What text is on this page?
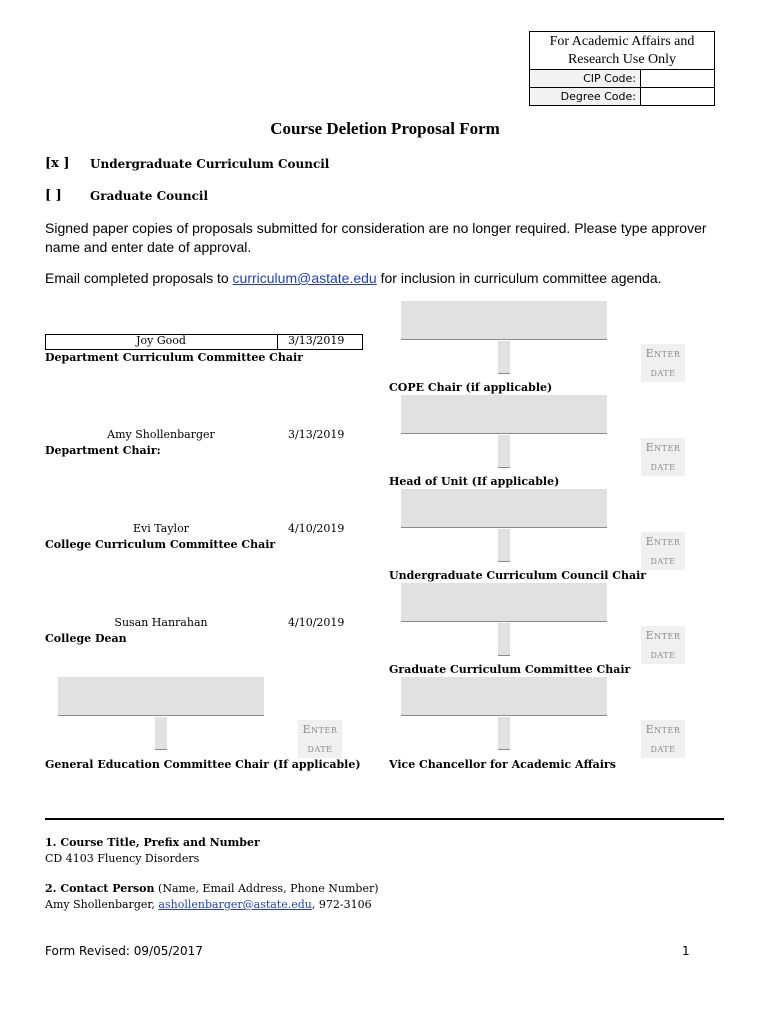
For Academic Affairs and Research Use Only
CIP Code:
Degree Code:
Course Deletion Proposal Form
[x ] Undergraduate Curriculum Council
[ ] Graduate Council
Signed paper copies of proposals submitted for consideration are no longer required. Please type approver name and enter date of approval.
Email completed proposals to curriculum@astate.edu for inclusion in curriculum committee agenda.
Joy Good	3/13/2019
Department Curriculum Committee Chair
Amy Shollenbarger	3/13/2019
Department Chair:
Evi Taylor	4/10/2019
College Curriculum Committee Chair
Susan Hanrahan	4/10/2019
College Dean
Enter
date
General Education Committee Chair (If applicable)
Enter
date
COPE Chair (if applicable)
Enter
date
Head of Unit (If applicable)
Enter
date
Undergraduate Curriculum Council Chair
Enter
date
Graduate Curriculum Committee Chair
Enter
date
Vice Chancellor for Academic Affairs
1. Course Title, Prefix and Number
CD 4103 Fluency Disorders
2. Contact Person (Name, Email Address, Phone Number)
Amy Shollenbarger, ashollenbarger@astate.edu, 972-3106
Form Revised: 09/05/2017	1
